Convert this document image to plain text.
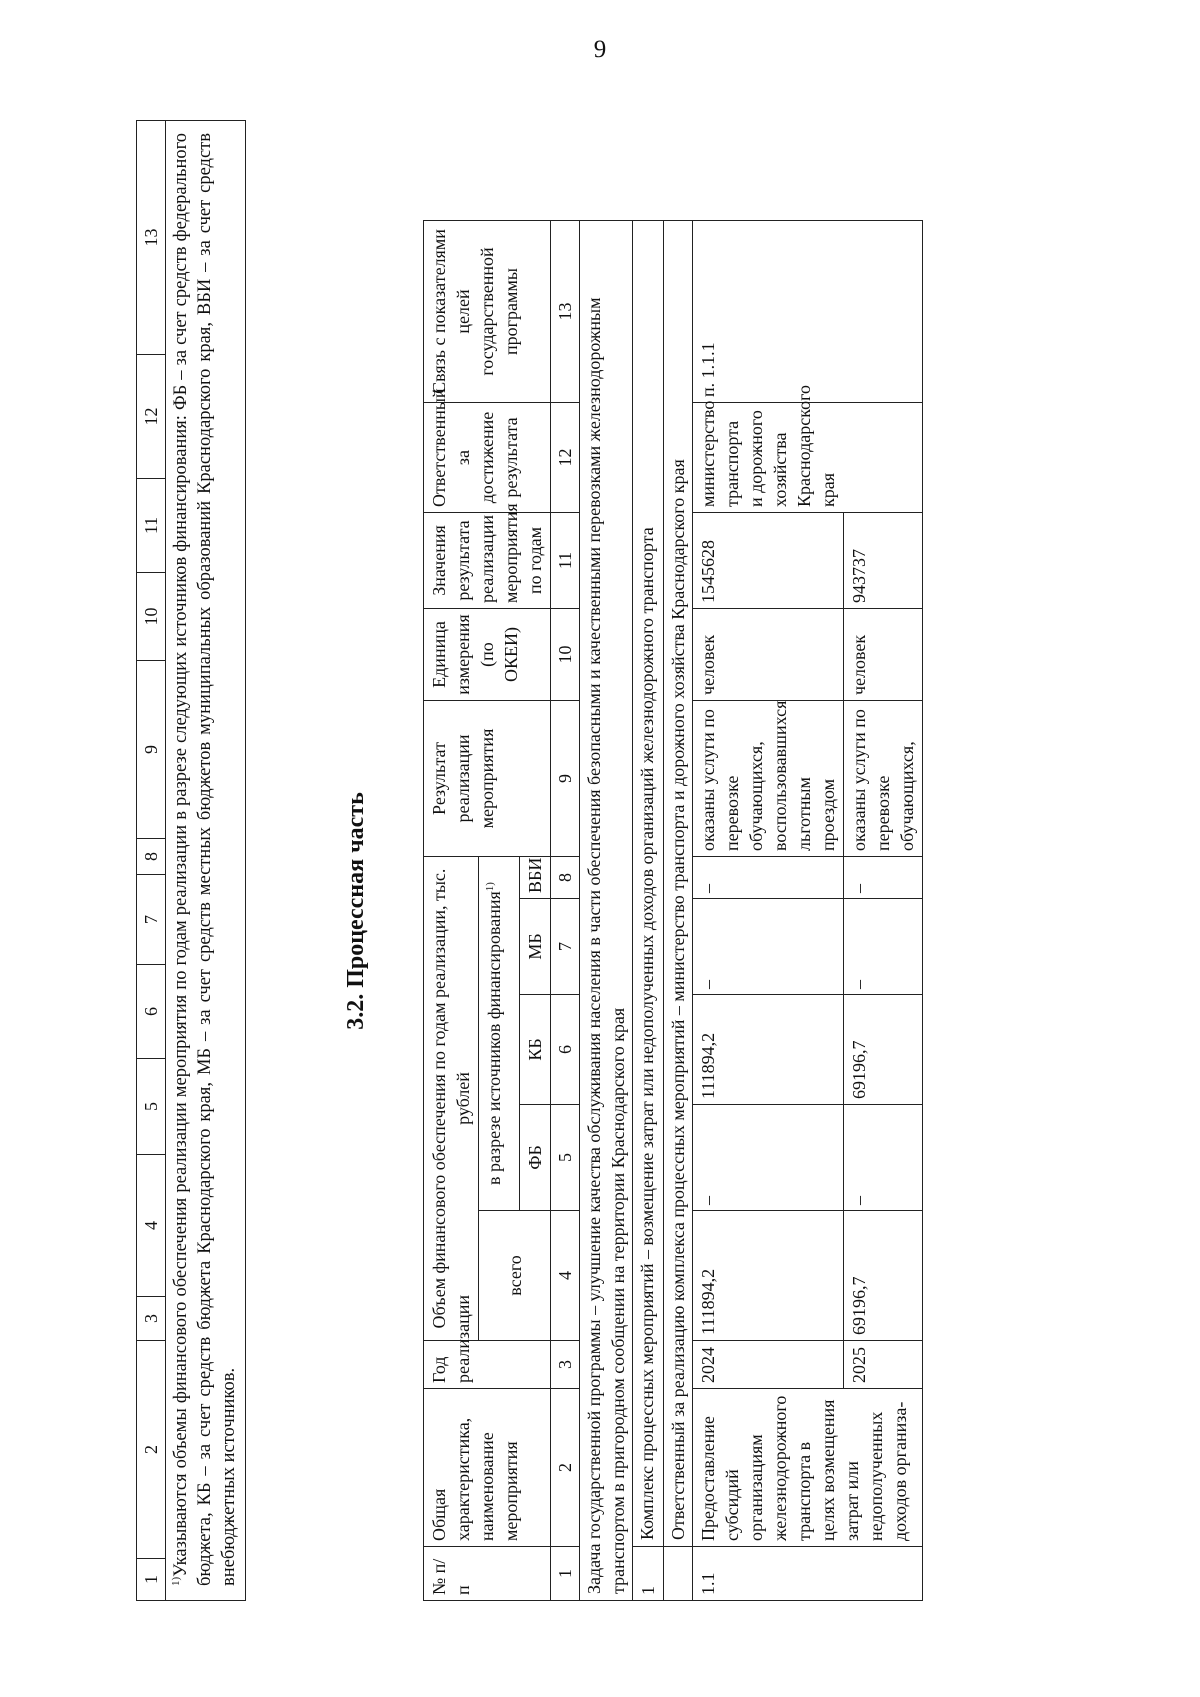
9
1	2	3	4	5	6	7	8	9	10	11	12	13
$^{1)}$Указываются объемы финансового обеспечения реализации мероприятия по годам реализации в разрезе следующих источников финансирования: ФБ – за счет средств федерального бюджета, КБ – за счет средств бюджета Краснодарского края, МБ – за счет средств местных бюджетов муниципальных образований Краснодарского края, ВБИ – за счет средств внебюджетных источников.
3.2. Процессная часть
№ п/п	Общая характеристика, наименование мероприятия	Год реализации	Объем финансового обеспечения по годам реализации, тыс. рублей					Результат реализации мероприятия	Единица измерения (по ОКЕИ)	Значения результата реализации мероприятия по годам	Ответственный за достижение результата	Связь с показателями целей государственной программы
			всего	в разрезе источников финансирования$^{1)}$
				ФБ	КБ	МБ	ВБИ					
1	2	3	4	5	6	7	8	9	10	11	12	13
Задача государственной программы – улучшение качества обслуживания населения в части обеспечения безопасными и качественными перевозками железнодорожным транспортом в пригородном сообщении на территории Краснодарского края												
1	Комплекс процессных мероприятий – возмещение затрат или недополученных доходов организаций железнодорожного транспорта											
	Ответственный за реализацию комплекса процессных мероприятий – министерство транспорта и дорожного хозяйства Краснодарского края											
1.1	Предоставление субсидий организациям железнодорожного транспорта в целях возмещения затрат или недополученных доходов организа-	2024	111894,2	–	111894,2	–	–	оказаны услуги по перевозке обучающихся, воспользовавшихся льготным проездом	человек	1545628	министерство транспорта и дорожного хозяйства Краснодарского края	п. 1.1.1
		2025	69196,7	–	69196,7	–	–	оказаны услуги по перевозке обучающихся,	человек	943737		
